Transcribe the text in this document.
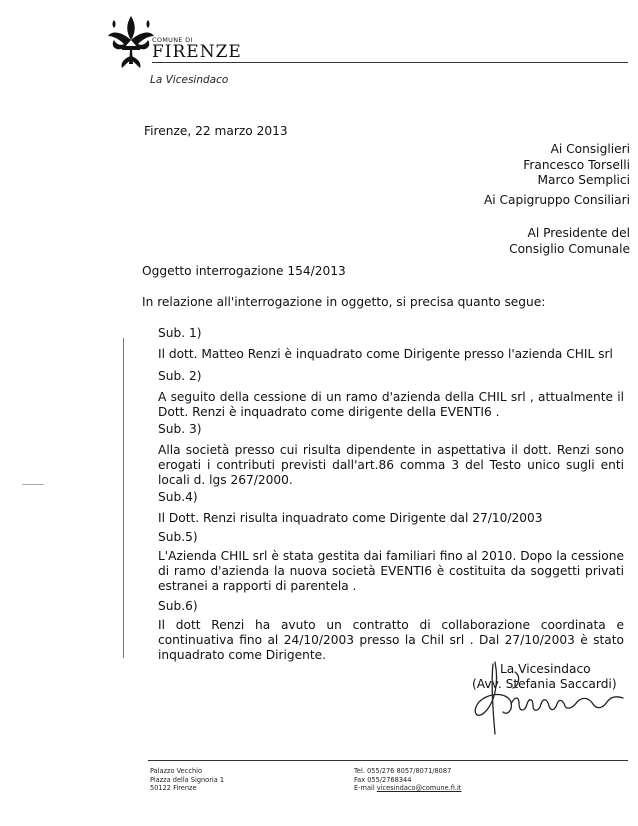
COMUNE DI
FIRENZE
La Vicesindaco
Firenze, 22 marzo 2013
Ai Consiglieri
Francesco Torselli
Marco Semplici
Ai Capigruppo Consiliari
Al Presidente del
Consiglio Comunale
Oggetto interrogazione 154/2013
In relazione all'interrogazione in oggetto, si precisa quanto segue:
Sub. 1)
Il dott. Matteo Renzi è inquadrato come Dirigente presso l'azienda CHIL srl
Sub. 2)
A seguito della cessione di un ramo d'azienda della CHIL srl , attualmente il Dott. Renzi è inquadrato come dirigente della EVENTI6 .
Sub. 3)
Alla società presso cui risulta dipendente in aspettativa il dott. Renzi sono erogati i contributi previsti dall'art.86 comma 3 del Testo unico sugli enti locali d. lgs 267/2000.
Sub.4)
Il Dott. Renzi risulta inquadrato come Dirigente dal 27/10/2003
Sub.5)
L'Azienda CHIL srl è stata gestita dai familiari fino al 2010. Dopo la cessione di ramo d'azienda la nuova società EVENTI6 è costituita da soggetti privati estranei a rapporti di parentela .
Sub.6)
Il dott Renzi ha avuto un contratto di collaborazione coordinata e continuativa fino al 24/10/2003 presso la Chil srl . Dal 27/10/2003 è stato inquadrato come Dirigente.
La Vicesindaco
(Avv. Stefania Saccardi)
Palazzo Vecchio
Piazza della Signoria 1
50122 Firenze
Tel. 055/276 8057/8071/8087
Fax 055/2768344
E-mail vicesindaco@comune.fi.it
